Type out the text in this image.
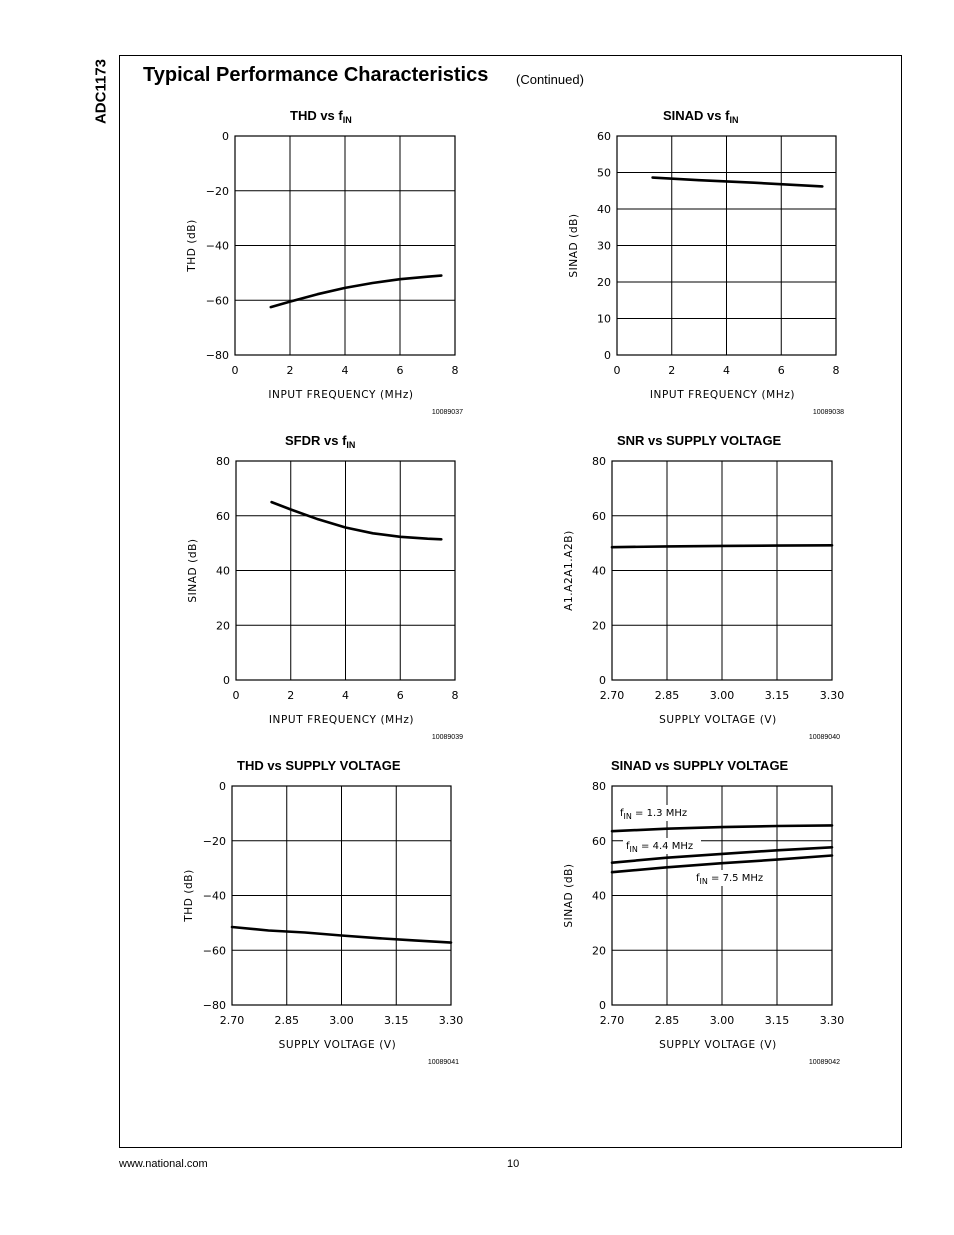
ADC1173 Typical Performance Characteristics (Continued)
THD vs $f_{IN}$
0	2	4	6	8
−80
−60
−40
−20
0
INPUT FREQUENCY (MHz)
THD (dB)
10089037
SINAD vs $f_{IN}$
0	2	4	6	8
0
10
20
30
40
50
60
INPUT FREQUENCY (MHz)
SINAD (dB)
10089038
SFDR vs $f_{IN}$
0	2	4	6	8
0
20
40
60
80
INPUT FREQUENCY (MHz)
SINAD (dB)
10089039
SNR vs SUPPLY VOLTAGE
2.70	2.85	3.00	3.15	3.30
0
20
40
60
80
SUPPLY VOLTAGE (V)
A1.A2A1.A2B)
10089040
THD vs SUPPLY VOLTAGE
2.70	2.85	3.00	3.15	3.30
−80
−60
−40
−20
0
SUPPLY VOLTAGE (V)
THD (dB)
10089041
SINAD vs SUPPLY VOLTAGE
2.70	2.85	3.00	3.15	3.30
0
20
40
60
80
SUPPLY VOLTAGE (V)
SINAD (dB)
10089042
$f_{IN} = 1.3$ MHz
$f_{IN} = 4.4$ MHz
$f_{IN} = 7.5$ MHz
www.national.com	10
